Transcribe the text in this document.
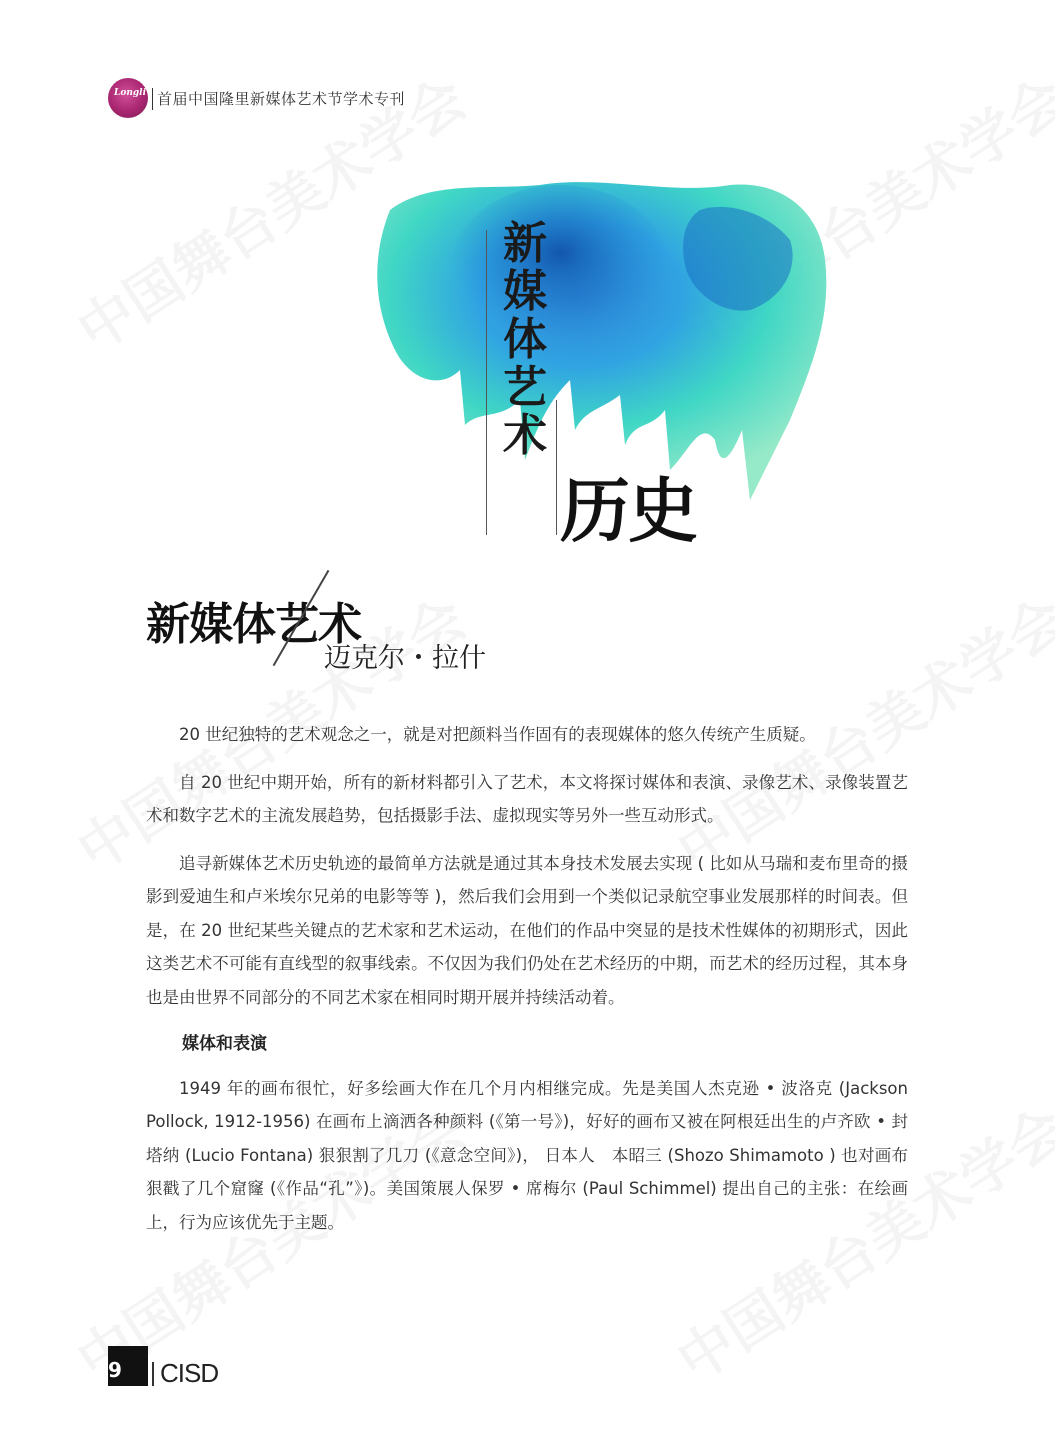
Longli 首届中国隆里新媒体艺术节学术专刊
新媒体艺术
历史
新媒体艺术
迈克尔・拉什

20 世纪独特的艺术观念之一，就是对把颜料当作固有的表现媒体的悠久传统产生质疑。

自 20 世纪中期开始，所有的新材料都引入了艺术，本文将探讨媒体和表演、录像艺术、录像装置艺术和数字艺术的主流发展趋势，包括摄影手法、虚拟现实等另外一些互动形式。

追寻新媒体艺术历史轨迹的最简单方法就是通过其本身技术发展去实现 ( 比如从马瑞和麦布里奇的摄影到爱迪生和卢米埃尔兄弟的电影等等 )，然后我们会用到一个类似记录航空事业发展那样的时间表。但是，在 20 世纪某些关键点的艺术家和艺术运动，在他们的作品中突显的是技术性媒体的初期形式，因此这类艺术不可能有直线型的叙事线索。不仅因为我们仍处在艺术经历的中期，而艺术的经历过程，其本身也是由世界不同部分的不同艺术家在相同时期开展并持续活动着。

媒体和表演

1949 年的画布很忙，好多绘画大作在几个月内相继完成。先是美国人杰克逊 • 波洛克 (Jackson Pollock, 1912-1956) 在画布上滴洒各种颜料 (《第一号》)，好好的画布又被在阿根廷出生的卢齐欧 • 封塔纳 (Lucio Fontana) 狠狠割了几刀 (《意念空间》)， 日本人　本昭三 (Shozo Shimamoto ) 也对画布狠戳了几个窟窿 (《作品“孔”》)。美国策展人保罗 • 席梅尔 (Paul Schimmel) 提出自己的主张：在绘画上，行为应该优先于主题。

9 CISD
